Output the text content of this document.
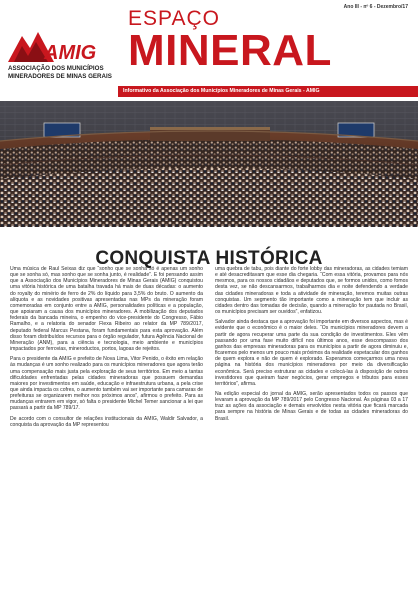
AMIG
ASSOCIAÇÃO DOS MUNICÍPIOS
MINERADORES DE MINAS GERAIS
Ano III - nº 6 - Dezembro/17
ESPAÇO
MINERAL
Informativo da Associação dos Municípios Mineradores de Minas Gerais - AMIG
CONQUISTA HISTÓRICA

Uma música de Raul Seixas diz que “sonho que se sonha só é apenas um sonho que se sonha só, mas sonho que se sonha junto, é realidade”. E foi pensando assim que a Associação dos Municípios Mineradores de Minas Gerais (AMIG) conquistou uma vitória histórica de uma batalha travada há mais de duas décadas: o aumento do royalty do minério de ferro de 2% do líquido para 3,5% do bruto. O aumento da alíquota e as novidades positivas apresentadas nas MPs da mineração foram comemoradas em conjunto entre a AMIG, personalidades políticas e a população, que apoiaram a causa dos municípios mineradores. A mobilização dos deputados federais da bancada mineira, o empenho do vice-presidente do Congresso, Fábio Ramalho, e a relatoria do senador Flexa Ribeiro ao relator da MP 789/2017, deputado federal Marcus Pestana, foram fundamentais para esta aprovação. Além disso foram distribuídos recursos para o órgão regulador, futura Agência Nacional de Mineração (ANM), para a ciência e tecnologia, meio ambiente e municípios impactados por ferrovias, mineroductos, portos, lagoas de rejeitos.

Para o presidente da AMIG e prefeito de Nova Lima, Vitor Penido, o êxito em relação às mudanças é um sonho realizado para os municípios mineradores que agora terão uma compensação mais justa pela exploração de seus territórios. Em meio a tantas dificuldades enfrentadas pelas cidades mineradoras que possuem demandas maiores por investimentos em saúde, educação e infraestrutura urbana, a pela crise que ainda impacta os cofres, o aumento também vai ser importante para camaras de prefeituras se organizarem melhor nos próximos anos”, afirmou o prefeito. Para as mudanças entrarem em vigor, só falta o presidente Michel Temer sancionar a lei que passará a partir da MP 789/17.

De acordo com o consultor de relações institucionais da AMIG, Waldir Salvador, a conquista da aprovação da MP representou

uma quebra de tabu, pois diante do forte lobby das mineradoras, as cidades temiam e até desacreditavam que esse dia chegaria. “Com essa vitória, provamos para nós mesmos, para os nossos cidadãos e deputados que, se formos unidos, como fomos desta vez, se não descansarmos, trabalharmos dia e noite defendendo a verdade das cidades mineradoras e toda a atividade de mineração, teremos muitas outras conquistas. Um segmento tão importante como a mineração tem que incluir as cidades dentro das tomadas de decisão, quando a mineração for pautada no Brasil, os municípios precisam ser ouvidos”, enfatizou.

Salvador ainda destaca que a aprovação foi importante em diversos aspectos, mas é evidente que o econômico é o maior deles. “Os municípios mineradores devem a partir de agora recuperar uma parte da sua condição de investimentos. Eles vêm passando por uma fase muito difícil nos últimos anos, esse descompasso dos ganhos das empresas mineradoras para os municípios a partir de agora diminuiu e, ficaremos pelo menos um pouco mais próximos da realidade espetacular dos ganhos de quem explora e não de quem é explorado. Esperamos começarmos uma nova página na história dos municípios mineradores por meio da diversificação econômica. Será preciso estruturar as cidades e colocá-las à disposição de outros investidores que queiram fazer negócios, gerar empregos e tributos para esses territórios”, afirma.

Na edição especial do jornal da AMIG, serão apresentados todos os passos que levaram a aprovação da MP 789/2017 pelo Congresso Nacional. Às páginas 03 a 17 traz as ações da associação e demais envolvidos nesta vitória que ficará marcada para sempre na história de Minas Gerais e de todas as cidades mineradoras do Brasil.
